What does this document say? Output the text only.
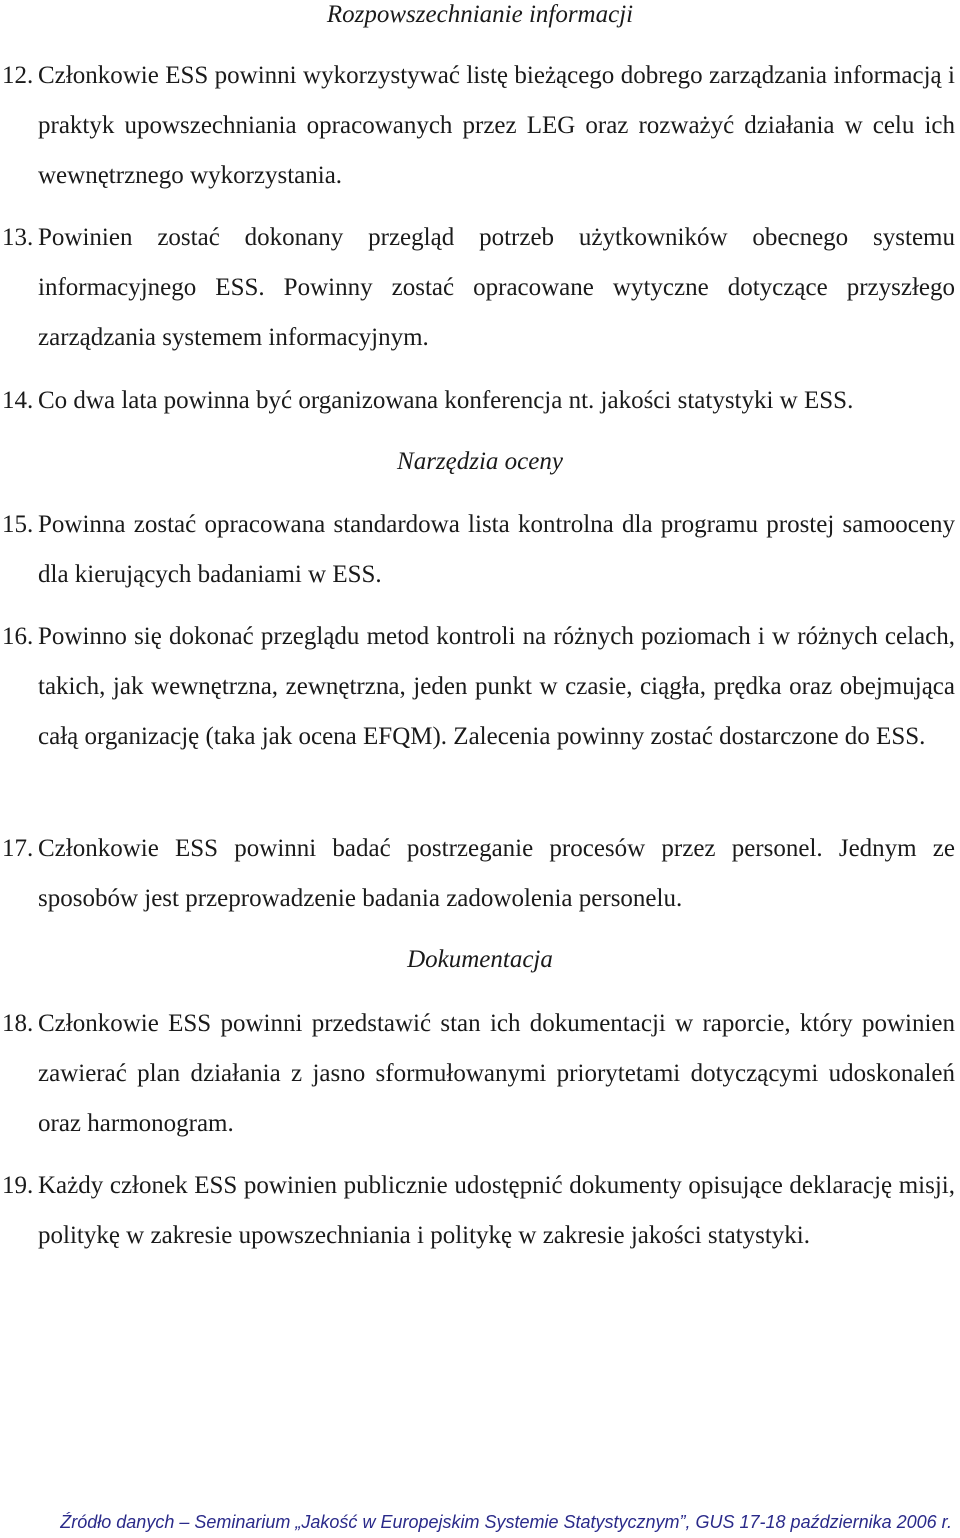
Rozpowszechnianie informacji
12. Członkowie ESS powinni wykorzystywać listę bieżącego dobrego zarządzania informacją i praktyk upowszechniania opracowanych przez LEG oraz rozważyć działania w celu ich wewnętrznego wykorzystania.

13. Powinien zostać dokonany przegląd potrzeb użytkowników obecnego systemu informacyjnego ESS. Powinny zostać opracowane wytyczne dotyczące przyszłego zarządzania systemem informacyjnym.

14. Co dwa lata powinna być organizowana konferencja nt. jakości statystyki w ESS.

Narzędzia oceny
15. Powinna zostać opracowana standardowa lista kontrolna dla programu prostej samooceny dla kierujących badaniami w ESS.

16. Powinno się dokonać przeglądu metod kontroli na różnych poziomach i w różnych celach, takich, jak wewnętrzna, zewnętrzna, jeden punkt w czasie, ciągła, prędka oraz obejmująca całą organizację (taka jak ocena EFQM). Zalecenia powinny zostać dostarczone do ESS.

17. Członkowie ESS powinni badać postrzeganie procesów przez personel. Jednym ze sposobów jest przeprowadzenie badania zadowolenia personelu.

Dokumentacja
18. Członkowie ESS powinni przedstawić stan ich dokumentacji w raporcie, który powinien zawierać plan działania z jasno sformułowanymi priorytetami dotyczącymi udoskonaleń oraz harmonogram.

19. Każdy członek ESS powinien publicznie udostępnić dokumenty opisujące deklarację misji, politykę w zakresie upowszechniania i politykę w zakresie jakości statystyki.

Źródło danych – Seminarium „Jakość w Europejskim Systemie Statystycznym”, GUS 17-18 października 2006 r.
